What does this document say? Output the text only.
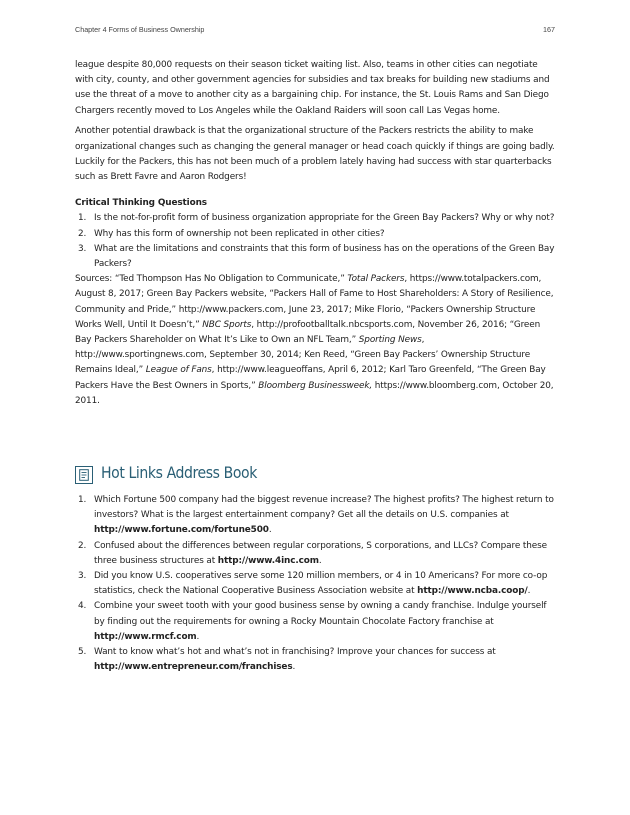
Chapter 4 Forms of Business Ownership	167

league despite 80,000 requests on their season ticket waiting list. Also, teams in other cities can negotiate with city, county, and other government agencies for subsidies and tax breaks for building new stadiums and use the threat of a move to another city as a bargaining chip. For instance, the St. Louis Rams and San Diego Chargers recently moved to Los Angeles while the Oakland Raiders will soon call Las Vegas home.

Another potential drawback is that the organizational structure of the Packers restricts the ability to make organizational changes such as changing the general manager or head coach quickly if things are going badly. Luckily for the Packers, this has not been much of a problem lately having had success with star quarterbacks such as Brett Favre and Aaron Rodgers!

Critical Thinking Questions
1. Is the not-for-profit form of business organization appropriate for the Green Bay Packers? Why or why not?
2. Why has this form of ownership not been replicated in other cities?
3. What are the limitations and constraints that this form of business has on the operations of the Green Bay Packers?

Sources: “Ted Thompson Has No Obligation to Communicate,” Total Packers, https://www.totalpackers.com, August 8, 2017; Green Bay Packers website, “Packers Hall of Fame to Host Shareholders: A Story of Resilience, Community and Pride,” http://www.packers.com, June 23, 2017; Mike Florio, “Packers Ownership Structure Works Well, Until It Doesn’t,” NBC Sports, http://profootballtalk.nbcsports.com, November 26, 2016; “Green Bay Packers Shareholder on What It’s Like to Own an NFL Team,” Sporting News, http://www.sportingnews.com, September 30, 2014; Ken Reed, “Green Bay Packers’ Ownership Structure Remains Ideal,” League of Fans, http://www.leagueoffans, April 6, 2012; Karl Taro Greenfeld, “The Green Bay Packers Have the Best Owners in Sports,” Bloomberg Businessweek, https://www.bloomberg.com, October 20, 2011.

Hot Links Address Book
1. Which Fortune 500 company had the biggest revenue increase? The highest profits? The highest return to investors? What is the largest entertainment company? Get all the details on U.S. companies at http://www.fortune.com/fortune500.
2. Confused about the differences between regular corporations, S corporations, and LLCs? Compare these three business structures at http://www.4inc.com.
3. Did you know U.S. cooperatives serve some 120 million members, or 4 in 10 Americans? For more co-op statistics, check the National Cooperative Business Association website at http://www.ncba.coop/.
4. Combine your sweet tooth with your good business sense by owning a candy franchise. Indulge yourself by finding out the requirements for owning a Rocky Mountain Chocolate Factory franchise at http://www.rmcf.com.
5. Want to know what’s hot and what’s not in franchising? Improve your chances for success at http://www.entrepreneur.com/franchises.
